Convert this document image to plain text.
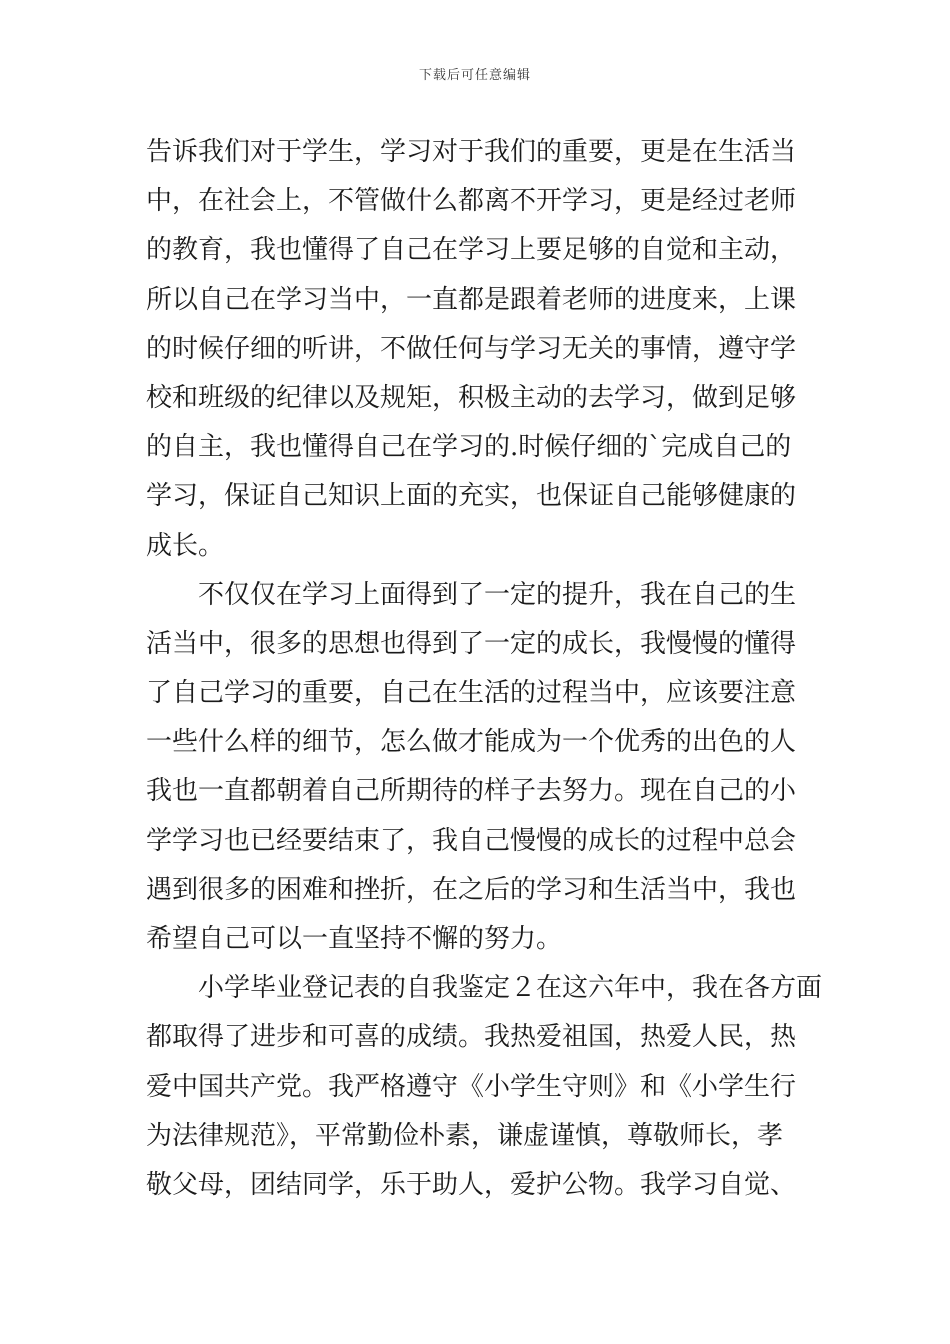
下载后可任意编辑
告诉我们对于学生，学习对于我们的重要，更是在生活当
中，在社会上，不管做什么都离不开学习，更是经过老师
的教育，我也懂得了自己在学习上要足够的自觉和主动，
所以自己在学习当中，一直都是跟着老师的进度来，上课
的时候仔细的听讲，不做任何与学习无关的事情，遵守学
校和班级的纪律以及规矩，积极主动的去学习，做到足够
的自主，我也懂得自己在学习的.时候仔细的`完成自己的
学习，保证自己知识上面的充实，也保证自己能够健康的
成长。
不仅仅在学习上面得到了一定的提升，我在自己的生
活当中，很多的思想也得到了一定的成长，我慢慢的懂得
了自己学习的重要，自己在生活的过程当中，应该要注意
一些什么样的细节，怎么做才能成为一个优秀的出色的人
我也一直都朝着自己所期待的样子去努力。现在自己的小
学学习也已经要结束了，我自己慢慢的成长的过程中总会
遇到很多的困难和挫折，在之后的学习和生活当中，我也
希望自己可以一直坚持不懈的努力。
小学毕业登记表的自我鉴定２在这六年中，我在各方面
都取得了进步和可喜的成绩。我热爱祖国，热爱人民，热
爱中国共产党。我严格遵守《小学生守则》和《小学生行
为法律规范》，平常勤俭朴素，谦虚谨慎，尊敬师长，孝
敬父母，团结同学，乐于助人，爱护公物。我学习自觉、
